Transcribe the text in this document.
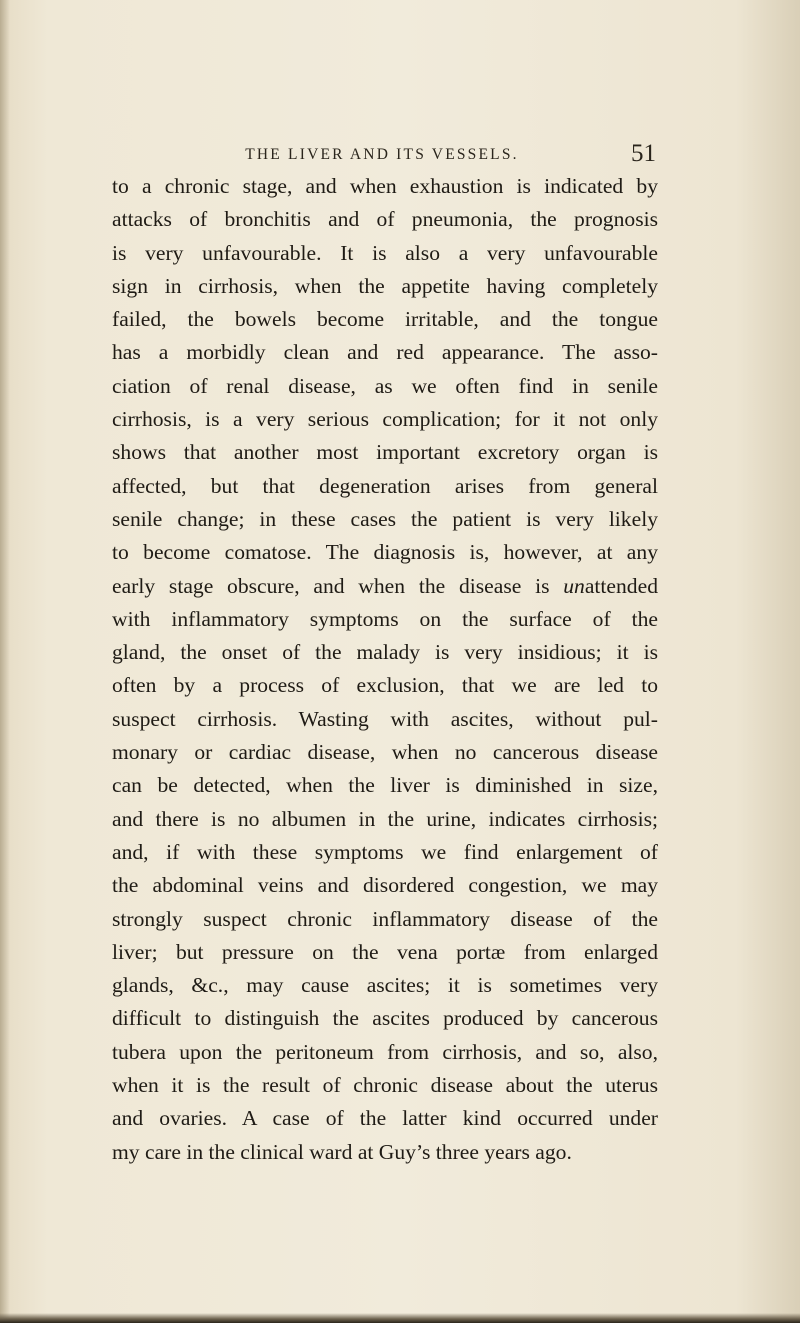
THE LIVER AND ITS VESSELS.	51
to a chronic stage, and when exhaustion is indicated by
attacks of bronchitis and of pneumonia, the prognosis
is very unfavourable. It is also a very unfavourable
sign in cirrhosis, when the appetite having completely
failed, the bowels become irritable, and the tongue
has a morbidly clean and red appearance. The asso-
ciation of renal disease, as we often find in senile
cirrhosis, is a very serious complication; for it not only
shows that another most important excretory organ is
affected, but that degeneration arises from general
senile change; in these cases the patient is very likely
to become comatose. The diagnosis is, however, at any
early stage obscure, and when the disease is unattended
with inflammatory symptoms on the surface of the
gland, the onset of the malady is very insidious; it is
often by a process of exclusion, that we are led to
suspect cirrhosis. Wasting with ascites, without pul-
monary or cardiac disease, when no cancerous disease
can be detected, when the liver is diminished in size,
and there is no albumen in the urine, indicates cirrhosis;
and, if with these symptoms we find enlargement of
the abdominal veins and disordered congestion, we may
strongly suspect chronic inflammatory disease of the
liver; but pressure on the vena portæ from enlarged
glands, &c., may cause ascites; it is sometimes very
difficult to distinguish the ascites produced by cancerous
tubera upon the peritoneum from cirrhosis, and so, also,
when it is the result of chronic disease about the uterus
and ovaries. A case of the latter kind occurred under
my care in the clinical ward at Guy’s three years ago.
